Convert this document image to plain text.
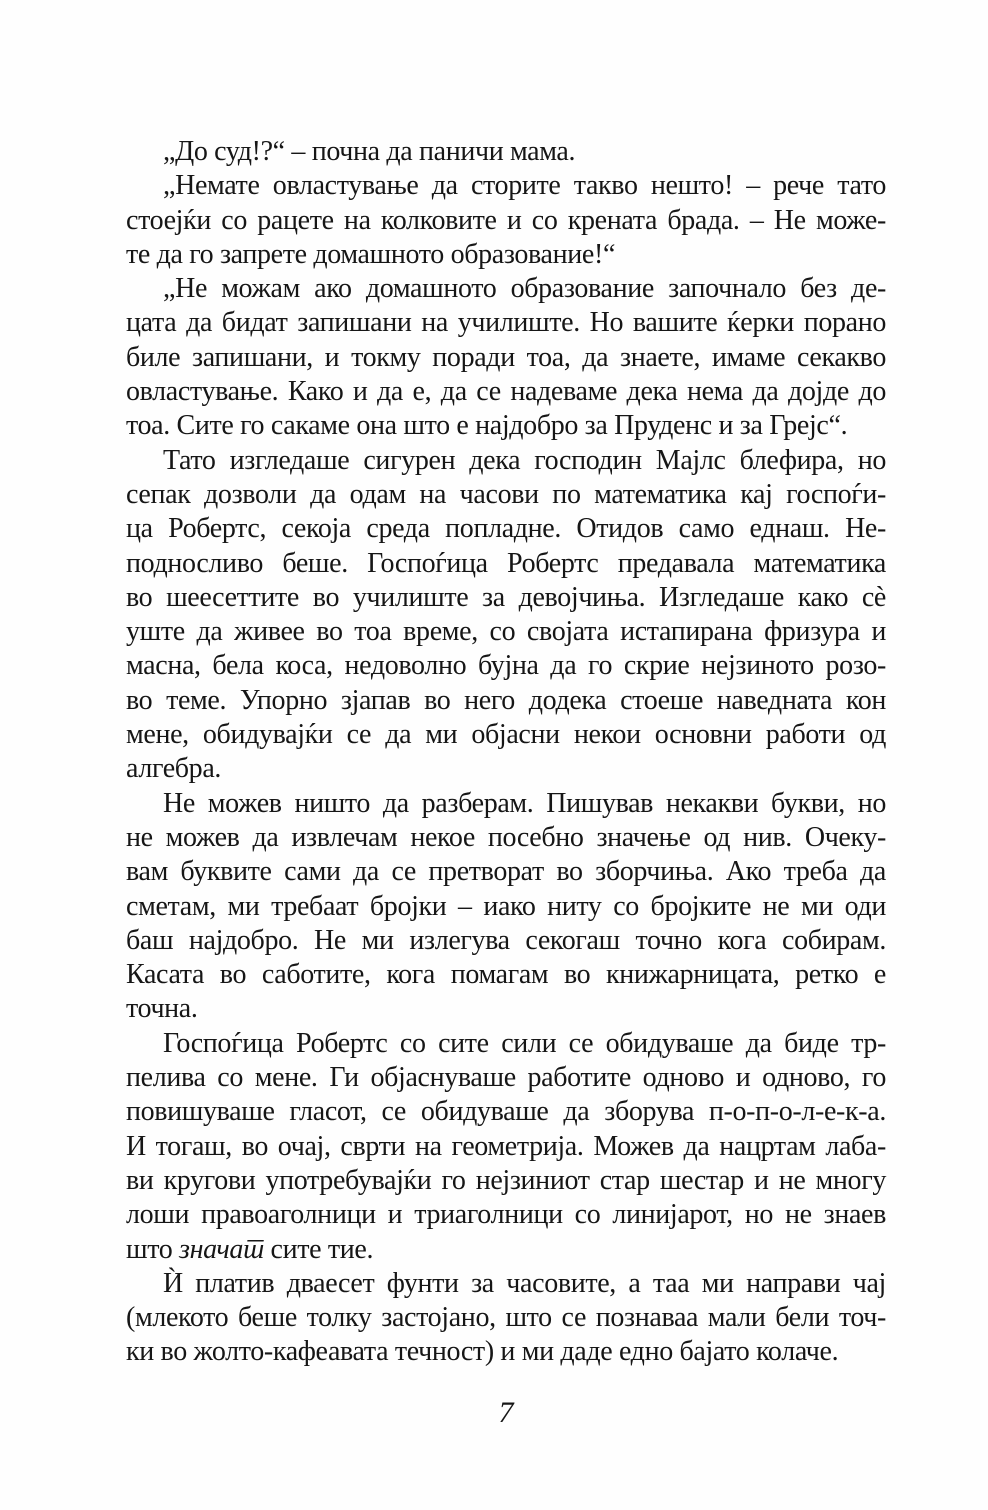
„До суд!?“ – почна да паничи мама.
„Немате овластување да сторите такво нешто! – рече тато
стоејќи со рацете на колковите и со крената брада. – Не може-
те да го запрете домашното образование!“
„Не можам ако домашното образование започнало без де-
цата да бидат запишани на училиште. Но вашите ќерки порано
биле запишани, и токму поради тоа, да знаете, имаме секакво
овластување. Како и да е, да се надеваме дека нема да дојде до
тоа. Сите го сакаме она што е најдобро за Пруденс и за Грејс“.
Тато изгледаше сигурен дека господин Мајлс блефира, но
сепак дозволи да одам на часови по математика кај госпоѓи-
ца Робертс, секоја среда попладне. Отидов само еднаш. Не-
подносливо беше. Госпоѓица Робертс предавала математика
во шеесеттите во училиште за девојчиња. Изгледаше како сѐ
уште да живее во тоа време, со својата истапирана фризура и
масна, бела коса, недоволно бујна да го скрие нејзиното розо-
во теме. Упорно зјапав во него додека стоеше наведната кон
мене, обидувајќи се да ми објасни некои основни работи од
алгебра.
Не можев ништо да разберам. Пишував некакви букви, но
не можев да извлечам некое посебно значење од нив. Очеку-
вам буквите сами да се претворат во зборчиња. Ако треба да
сметам, ми требаат бројки – иако ниту со бројките не ми оди
баш најдобро. Не ми излегува секогаш точно кога собирам.
Касата во саботите, кога помагам во книжарницата, ретко е
точна.
Госпоѓица Робертс со сите сили се обидуваше да биде тр-
пелива со мене. Ги објаснуваше работите одново и одново, го
повишуваше гласот, се обидуваше да зборува п-о-п-о-л-е-к-а.
И тогаш, во очај, сврти на геометрија. Можев да нацртам лаба-
ви кругови употребувајќи го нејзиниот стар шестар и не многу
лоши правоаголници и триаголници со линијарот, но не знаев
што значат сите тие.
Ѝ платив дваесет фунти за часовите, а таа ми направи чај
(млекото беше толку застојано, што се познаваа мали бели точ-
ки во жолто-кафеавата течност) и ми даде едно бајато колаче.
7
